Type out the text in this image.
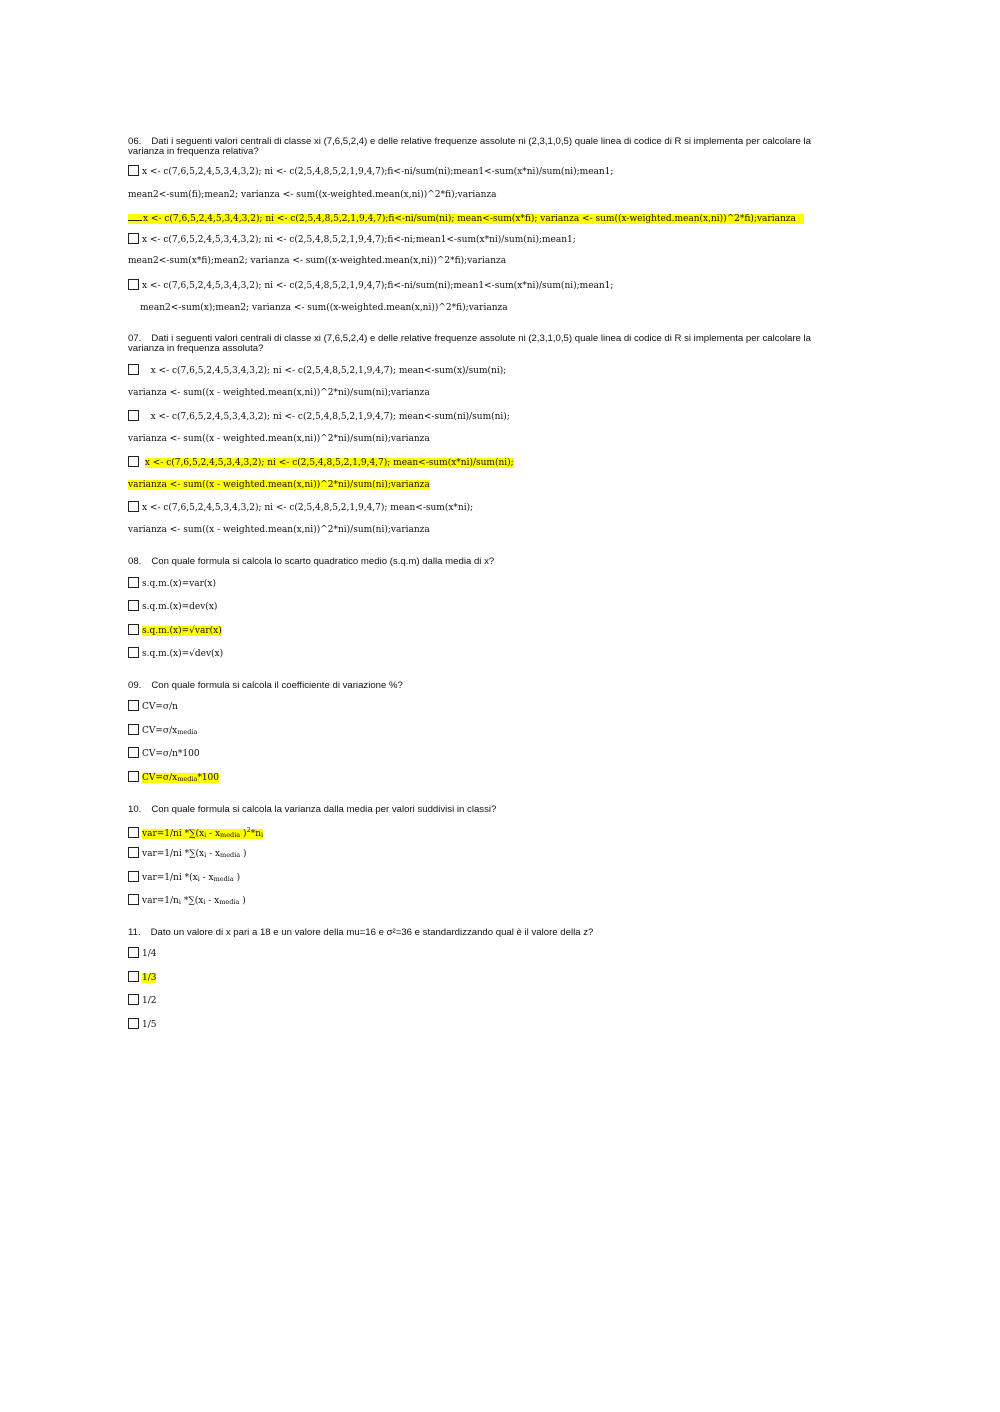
06. Dati i seguenti valori centrali di classe xi (7,6,5,2,4) e delle relative frequenze assolute ni (2,3,1,0,5) quale linea di codice di R si implementa per calcolare la varianza in frequenza relativa?
x <- c(7,6,5,2,4,5,3,4,3,2); ni <- c(2,5,4,8,5,2,1,9,4,7);fi<-ni/sum(ni);mean1<-sum(x*ni)/sum(ni);mean1;
mean2<-sum(fi);mean2; varianza <- sum((x-weighted.mean(x,ni))^2*fi);varianza
x <- c(7,6,5,2,4,5,3,4,3,2); ni <- c(2,5,4,8,5,2,1,9,4,7);fi<-ni/sum(ni); mean<-sum(x*fi); varianza <- sum((x-weighted.mean(x,ni))^2*fi);varianza
x <- c(7,6,5,2,4,5,3,4,3,2); ni <- c(2,5,4,8,5,2,1,9,4,7);fi<-ni;mean1<-sum(x*ni)/sum(ni);mean1;
mean2<-sum(x*fi);mean2; varianza <- sum((x-weighted.mean(x,ni))^2*fi);varianza
x <- c(7,6,5,2,4,5,3,4,3,2); ni <- c(2,5,4,8,5,2,1,9,4,7);fi<-ni/sum(ni);mean1<-sum(x*ni)/sum(ni);mean1;
mean2<-sum(x);mean2; varianza <- sum((x-weighted.mean(x,ni))^2*fi);varianza
07. Dati i seguenti valori centrali di classe xi (7,6,5,2,4) e delle relative frequenze assolute ni (2,3,1,0,5) quale linea di codice di R si implementa per calcolare la varianza in frequenza assoluta?
x <- c(7,6,5,2,4,5,3,4,3,2); ni <- c(2,5,4,8,5,2,1,9,4,7); mean<-sum(x)/sum(ni);
varianza <- sum((x - weighted.mean(x,ni))^2*ni)/sum(ni);varianza
x <- c(7,6,5,2,4,5,3,4,3,2); ni <- c(2,5,4,8,5,2,1,9,4,7); mean<-sum(ni)/sum(ni);
varianza <- sum((x - weighted.mean(x,ni))^2*ni)/sum(ni);varianza
x <- c(7,6,5,2,4,5,3,4,3,2); ni <- c(2,5,4,8,5,2,1,9,4,7); mean<-sum(x*ni)/sum(ni);
varianza <- sum((x - weighted.mean(x,ni))^2*ni)/sum(ni);varianza
x <- c(7,6,5,2,4,5,3,4,3,2); ni <- c(2,5,4,8,5,2,1,9,4,7); mean<-sum(x*ni);
varianza <- sum((x - weighted.mean(x,ni))^2*ni)/sum(ni);varianza
08. Con quale formula si calcola lo scarto quadratico medio (s.q.m) dalla media di x?
s.q.m.(x)=var(x)
s.q.m.(x)=dev(x)
s.q.m.(x)=√var(x)
s.q.m.(x)=√dev(x)
09. Con quale formula si calcola il coefficiente di variazione %?
CV=σ/n
CV=σ/xmedia
CV=σ/n*100
CV=σ/xmedia*100
10. Con quale formula si calcola la varianza dalla media per valori suddivisi in classi?
var=1/ni *∑(xi - xmedia )$^2$*ni
var=1/ni *∑(xi - xmedia )
var=1/ni *(xi - xmedia )
var=1/ni *∑(xi - xmedia )
11. Dato un valore di x pari a 18 e un valore della mu=16 e σ²=36 e standardizzando qual è il valore della z?
1/4
1/3
1/2
1/5
